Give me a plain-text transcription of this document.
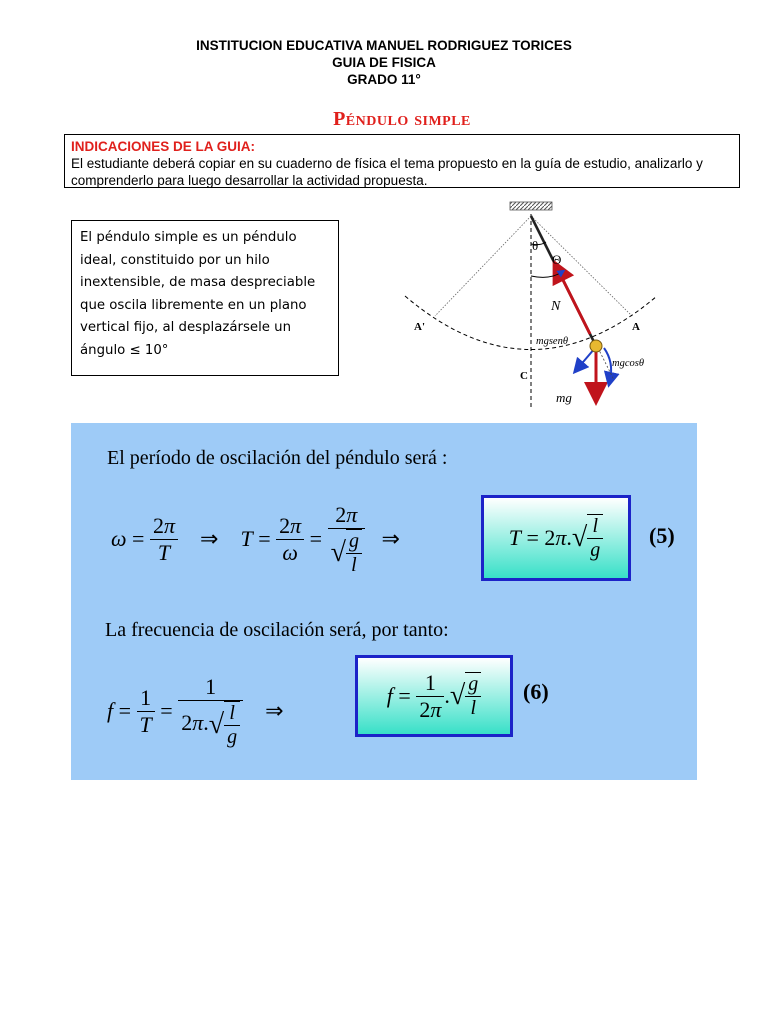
INSTITUCION EDUCATIVA MANUEL RODRIGUEZ TORICES
GUIA DE FISICA
GRADO 11°
Péndulo simple
INDICACIONES DE LA GUIA:
El estudiante deberá copiar en su cuaderno de física el tema propuesto en la guía de estudio, analizarlo y comprenderlo para luego desarrollar la actividad propuesta.
El péndulo simple es un péndulo ideal, constituido por un hilo inextensible, de masa despreciable que oscila libremente en un plano vertical fijo, al desplazársele un ángulo ≤ 10°
θ
Θ
N
A
A'
C
mgsenθ
mgcosθ
mg
El período de oscilación del péndulo será :
$\omega = \frac{2\pi}{T}$ ⇒ $T = \frac{2\pi}{\omega} = \frac{2\pi}{√ \frac{g}{l}}$ ⇒	T = 2 π . √ $\frac{l}{g} (5)$
La frecuencia de oscilación será, por tanto:
$f = \frac{1}{T} = \frac{1}{2\pi.√ \frac{l}{g}}$ ⇒
$f = \frac{1}{2\pi}$ . √ $\frac{g}{l} (6)$
